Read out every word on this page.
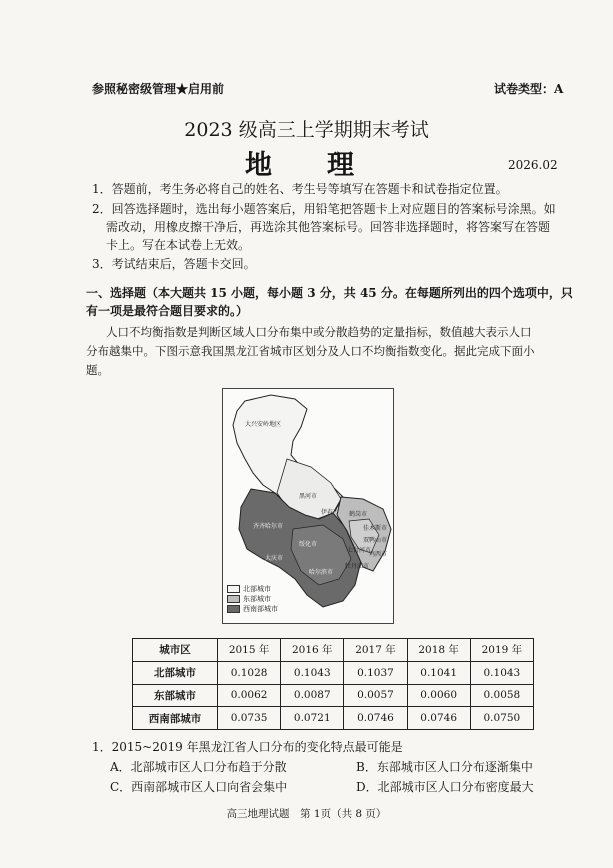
参照秘密级管理★启用前	试卷类型：A
2023 级高三上学期期末考试
地　理	2026.02
1．答题前，考生务必将自己的姓名、考生号等填写在答题卡和试卷指定位置。
2．回答选择题时，选出每小题答案后，用铅笔把答题卡上对应题目的答案标号涂黑。如
需改动，用橡皮擦干净后，再选涂其他答案标号。回答非选择题时，将答案写在答题
卡上。写在本试卷上无效。
3．考试结束后，答题卡交回。
一、选择题（本大题共 15 小题，每小题 3 分，共 45 分。在每题所列出的四个选项中，只
有一项是最符合题目要求的。）
人口不均衡指数是判断区域人口分布集中或分散趋势的定量指标，数值越大表示人口
分布越集中。下图示意我国黑龙江省城市区划分及人口不均衡指数变化。据此完成下面小
题。
大兴安岭地区
黑河市
伊春市
齐齐哈尔市
绥化市
大庆市
哈尔滨市
鹤岗市
佳木斯市
双鸭山市
七台河市
鸡西市
牡丹江市
北部城市
东部城市
西南部城市
城市区	2015 年	2016 年	2017 年	2018 年	2019 年
北部城市	0.1028	0.1043	0.1037	0.1041	0.1043
东部城市	0.0062	0.0087	0.0057	0.0060	0.0058
西南部城市	0.0735	0.0721	0.0746	0.0746	0.0750
1．2015~2019 年黑龙江省人口分布的变化特点最可能是
A．北部城市区人口分布趋于分散	B．东部城市区人口分布逐渐集中
C．西南部城市区人口向省会集中	D．北部城市区人口分布密度最大
高三地理试题　第 1页（共 8 页）
